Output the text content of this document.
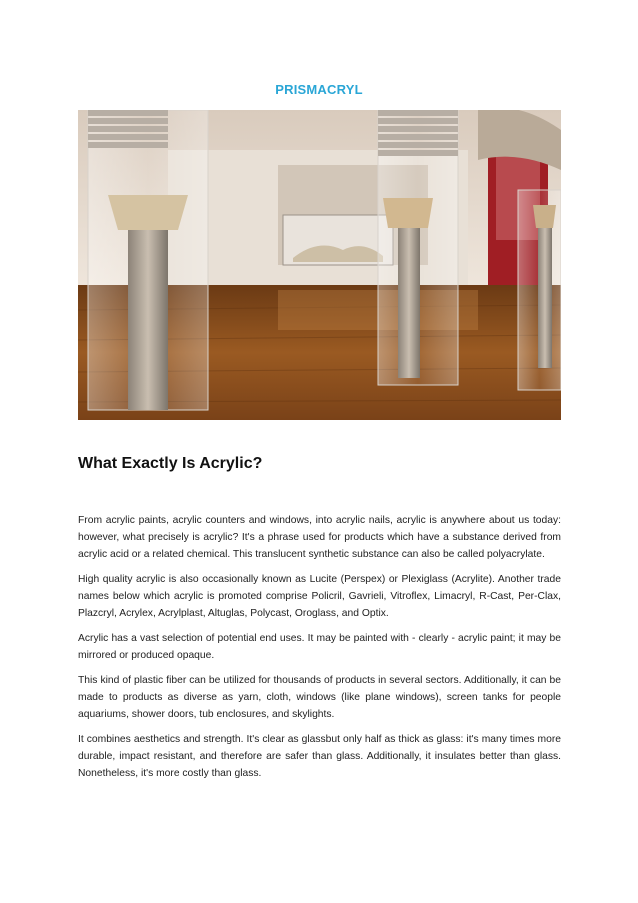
PRISMACRYL
What Exactly Is Acrylic?

From acrylic paints, acrylic counters and windows, into acrylic nails, acrylic is anywhere about us today: however, what precisely is acrylic? It's a phrase used for products which have a substance derived from acrylic acid or a related chemical. This translucent synthetic substance can also be called polyacrylate.

High quality acrylic is also occasionally known as Lucite (Perspex) or Plexiglass (Acrylite). Another trade names below which acrylic is promoted comprise Policril, Gavrieli, Vitroflex, Limacryl, R-Cast, Per-Clax, Plazcryl, Acrylex, Acrylplast, Altuglas, Polycast, Oroglass, and Optix.

Acrylic has a vast selection of potential end uses. It may be painted with - clearly - acrylic paint; it may be mirrored or produced opaque.

This kind of plastic fiber can be utilized for thousands of products in several sectors. Additionally, it can be made to products as diverse as yarn, cloth, windows (like plane windows), screen tanks for people aquariums, shower doors, tub enclosures, and skylights.

It combines aesthetics and strength. It's clear as glassbut only half as thick as glass: it's many times more durable, impact resistant, and therefore are safer than glass. Additionally, it insulates better than glass. Nonetheless, it's more costly than glass.
